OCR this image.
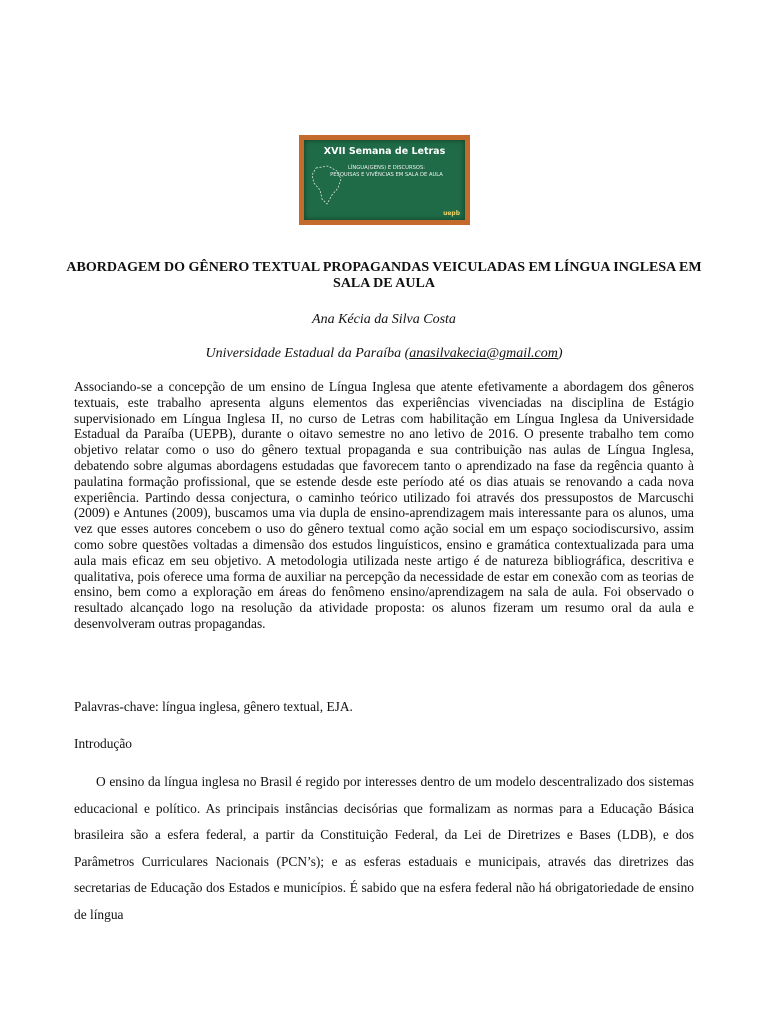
XVII Semana de Letras
LÍNGUA(GENS) E DISCURSOS:
PESQUISAS E VIVÊNCIAS EM SALA DE AULA
uepb
ABORDAGEM DO GÊNERO TEXTUAL PROPAGANDAS VEICULADAS EM LÍNGUA INGLESA EM SALA DE AULA

Ana Kécia da Silva Costa

Universidade Estadual da Paraíba (anasilvakecia@gmail.com)

Associando-se a concepção de um ensino de Língua Inglesa que atente efetivamente a abordagem dos gêneros textuais, este trabalho apresenta alguns elementos das experiências vivenciadas na disciplina de Estágio supervisionado em Língua Inglesa II, no curso de Letras com habilitação em Língua Inglesa da Universidade Estadual da Paraíba (UEPB), durante o oitavo semestre no ano letivo de 2016. O presente trabalho tem como objetivo relatar como o uso do gênero textual propaganda e sua contribuição nas aulas de Língua Inglesa, debatendo sobre algumas abordagens estudadas que favorecem tanto o aprendizado na fase da regência quanto à paulatina formação profissional, que se estende desde este período até os dias atuais se renovando a cada nova experiência. Partindo dessa conjectura, o caminho teórico utilizado foi através dos pressupostos de Marcuschi (2009) e Antunes (2009), buscamos uma via dupla de ensino-aprendizagem mais interessante para os alunos, uma vez que esses autores concebem o uso do gênero textual como ação social em um espaço sociodiscursivo, assim como sobre questões voltadas a dimensão dos estudos linguísticos, ensino e gramática contextualizada para uma aula mais eficaz em seu objetivo. A metodologia utilizada neste artigo é de natureza bibliográfica, descritiva e qualitativa, pois oferece uma forma de auxiliar na percepção da necessidade de estar em conexão com as teorias de ensino, bem como a exploração em áreas do fenômeno ensino/aprendizagem na sala de aula. Foi observado o resultado alcançado logo na resolução da atividade proposta: os alunos fizeram um resumo oral da aula e desenvolveram outras propagandas.

Palavras-chave: língua inglesa, gênero textual, EJA.

Introdução

O ensino da língua inglesa no Brasil é regido por interesses dentro de um modelo descentralizado dos sistemas educacional e político. As principais instâncias decisórias que formalizam as normas para a Educação Básica brasileira são a esfera federal, a partir da Constituição Federal, da Lei de Diretrizes e Bases (LDB), e dos Parâmetros Curriculares Nacionais (PCN’s); e as esferas estaduais e municipais, através das diretrizes das secretarias de Educação dos Estados e municípios. É sabido que na esfera federal não há obrigatoriedade de ensino de língua
